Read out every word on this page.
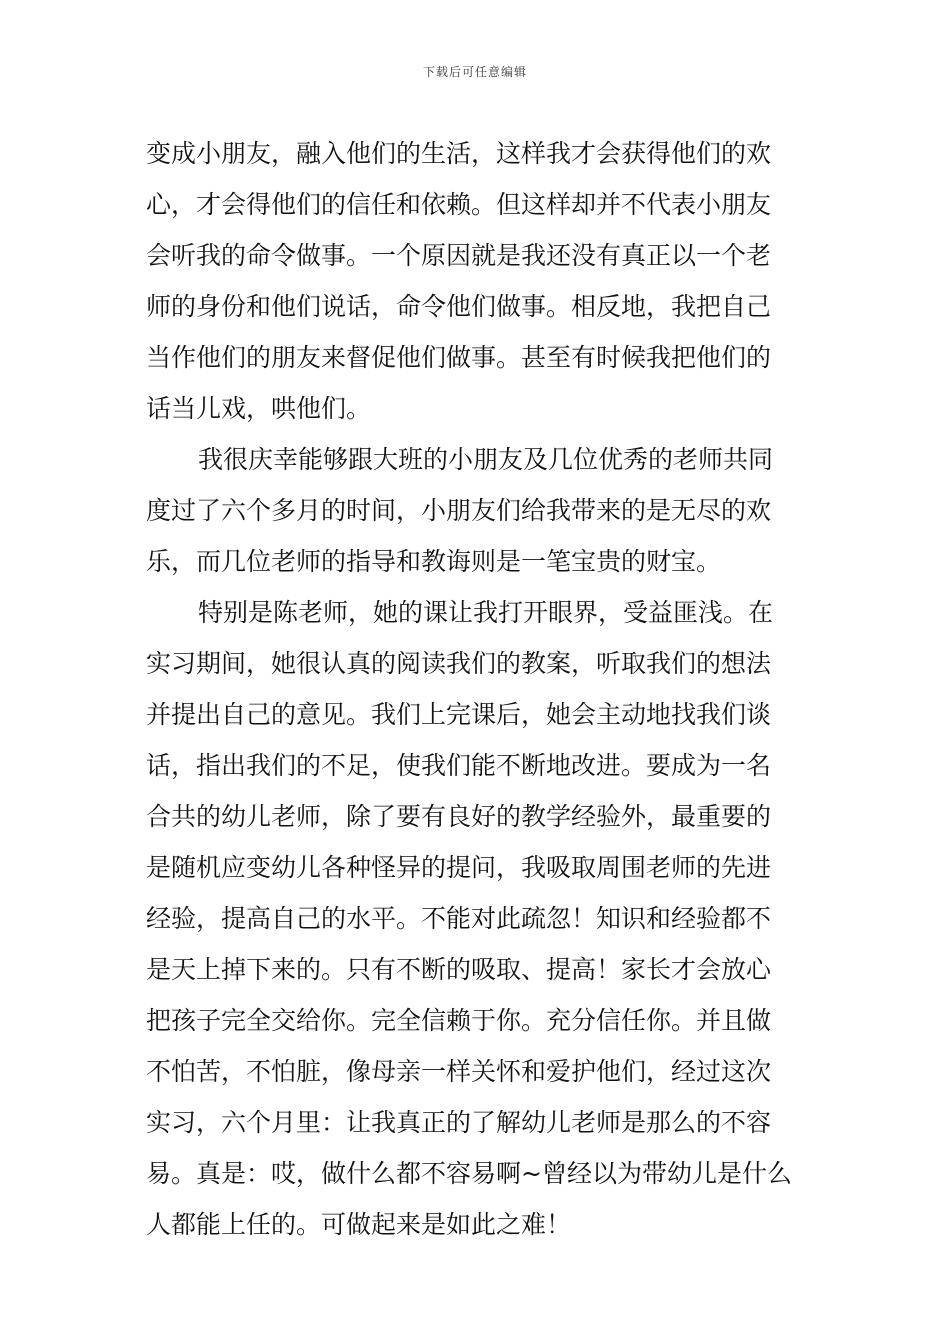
下载后可任意编辑
变成小朋友，融入他们的生活，这样我才会获得他们的欢
心，才会得他们的信任和依赖。但这样却并不代表小朋友
会听我的命令做事。一个原因就是我还没有真正以一个老
师的身份和他们说话，命令他们做事。相反地，我把自己
当作他们的朋友来督促他们做事。甚至有时候我把他们的
话当儿戏，哄他们。
我很庆幸能够跟大班的小朋友及几位优秀的老师共同
度过了六个多月的时间，小朋友们给我带来的是无尽的欢
乐，而几位老师的指导和教诲则是一笔宝贵的财宝。
特别是陈老师，她的课让我打开眼界，受益匪浅。在
实习期间，她很认真的阅读我们的教案，听取我们的想法
并提出自己的意见。我们上完课后，她会主动地找我们谈
话，指出我们的不足，使我们能不断地改进。要成为一名
合共的幼儿老师，除了要有良好的教学经验外，最重要的
是随机应变幼儿各种怪异的提问，我吸取周围老师的先进
经验，提高自己的水平。不能对此疏忽！知识和经验都不
是天上掉下来的。只有不断的吸取、提高！家长才会放心
把孩子完全交给你。完全信赖于你。充分信任你。并且做
不怕苦，不怕脏，像母亲一样关怀和爱护他们，经过这次
实习，六个月里：让我真正的了解幼儿老师是那么的不容
易。真是：哎，做什么都不容易啊~曾经以为带幼儿是什么
人都能上任的。可做起来是如此之难！
